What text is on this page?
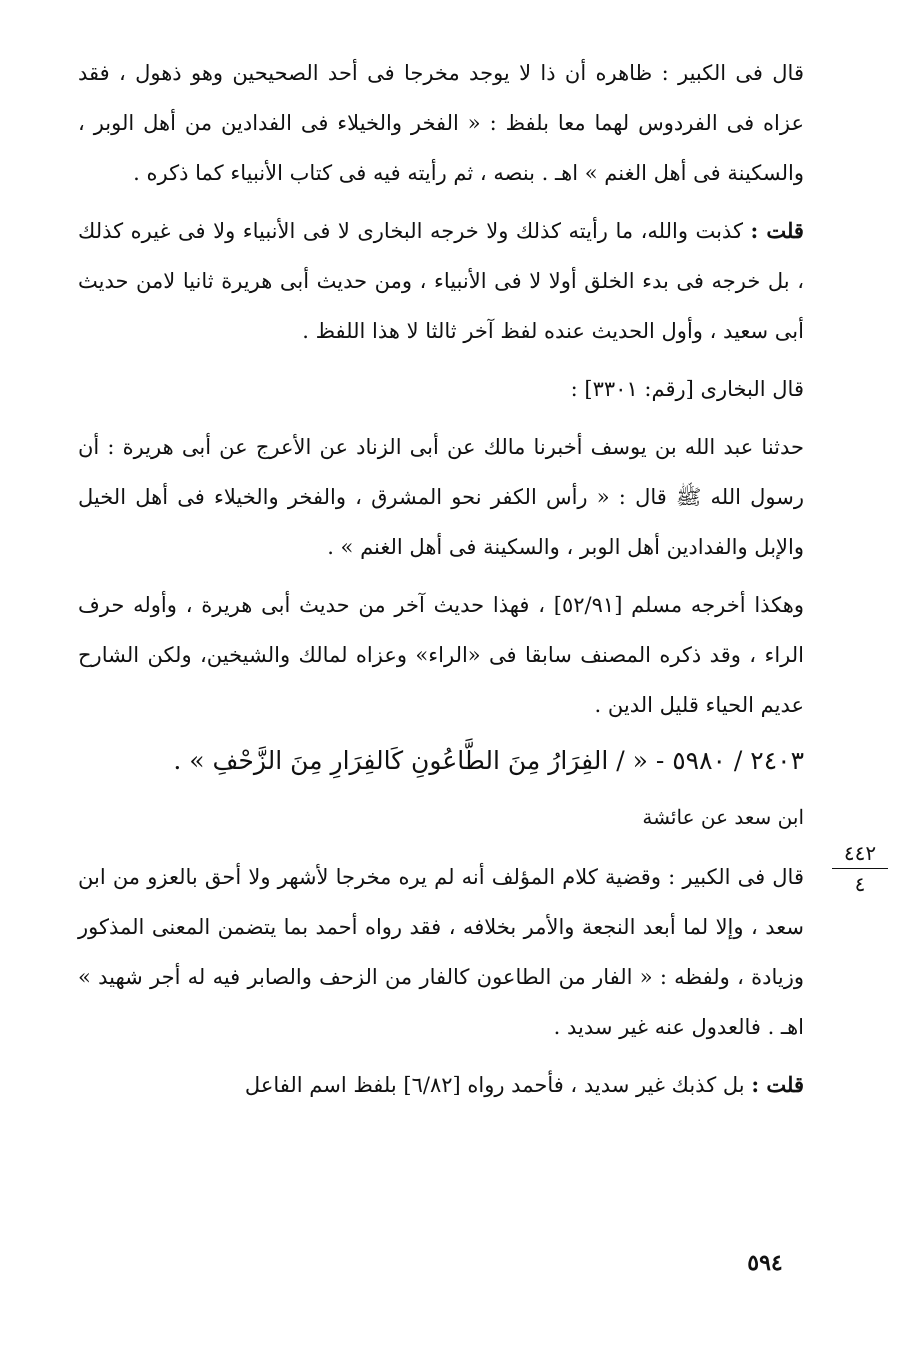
قال فى الكبير : ظاهره أن ذا لا يوجد مخرجا فى أحد الصحيحين وهو ذهول ، فقد عزاه فى الفردوس لهما معا بلفظ : « الفخر والخيلاء فى الفدادين من أهل الوبر ، والسكينة فى أهل الغنم » اهـ . بنصه ، ثم رأيته فيه فى كتاب الأنبياء كما ذكره .

قلت : كذبت والله، ما رأيته كذلك ولا خرجه البخارى لا فى الأنبياء ولا فى غيره كذلك ، بل خرجه فى بدء الخلق أولا لا فى الأنبياء ، ومن حديث أبى هريرة ثانيا لامن حديث أبى سعيد ، وأول الحديث عنده لفظ آخر ثالثا لا هذا اللفظ .

قال البخارى [رقم: ٣٣٠١] :

حدثنا عبد الله بن يوسف أخبرنا مالك عن أبى الزناد عن الأعرج عن أبى هريرة : أن رسول الله ﷺ قال : « رأس الكفر نحو المشرق ، والفخر والخيلاء فى أهل الخيل والإبل والفدادين أهل الوبر ، والسكينة فى أهل الغنم » .

وهكذا أخرجه مسلم [٥٢/٩١] ، فهذا حديث آخر من حديث أبى هريرة ، وأوله حرف الراء ، وقد ذكره المصنف سابقا فى «الراء» وعزاه لمالك والشيخين، ولكن الشارح عديم الحياء قليل الدين .

٢٤٠٣ / ٥٩٨٠ - « / الفِرَارُ مِنَ الطَّاعُونِ كَالفِرَارِ مِنَ الزَّحْفِ » .

ابن سعد عن عائشة

قال فى الكبير : وقضية كلام المؤلف أنه لم يره مخرجا لأشهر ولا أحق بالعزو من ابن سعد ، وإلا لما أبعد النجعة والأمر بخلافه ، فقد رواه أحمد بما يتضمن المعنى المذكور وزيادة ، ولفظه : « الفار من الطاعون كالفار من الزحف والصابر فيه له أجر شهيد » اهـ . فالعدول عنه غير سديد .

قلت : بل كذبك غير سديد ، فأحمد رواه [٦/٨٢] بلفظ اسم الفاعل

٤٤٢
٤
٥٩٤
